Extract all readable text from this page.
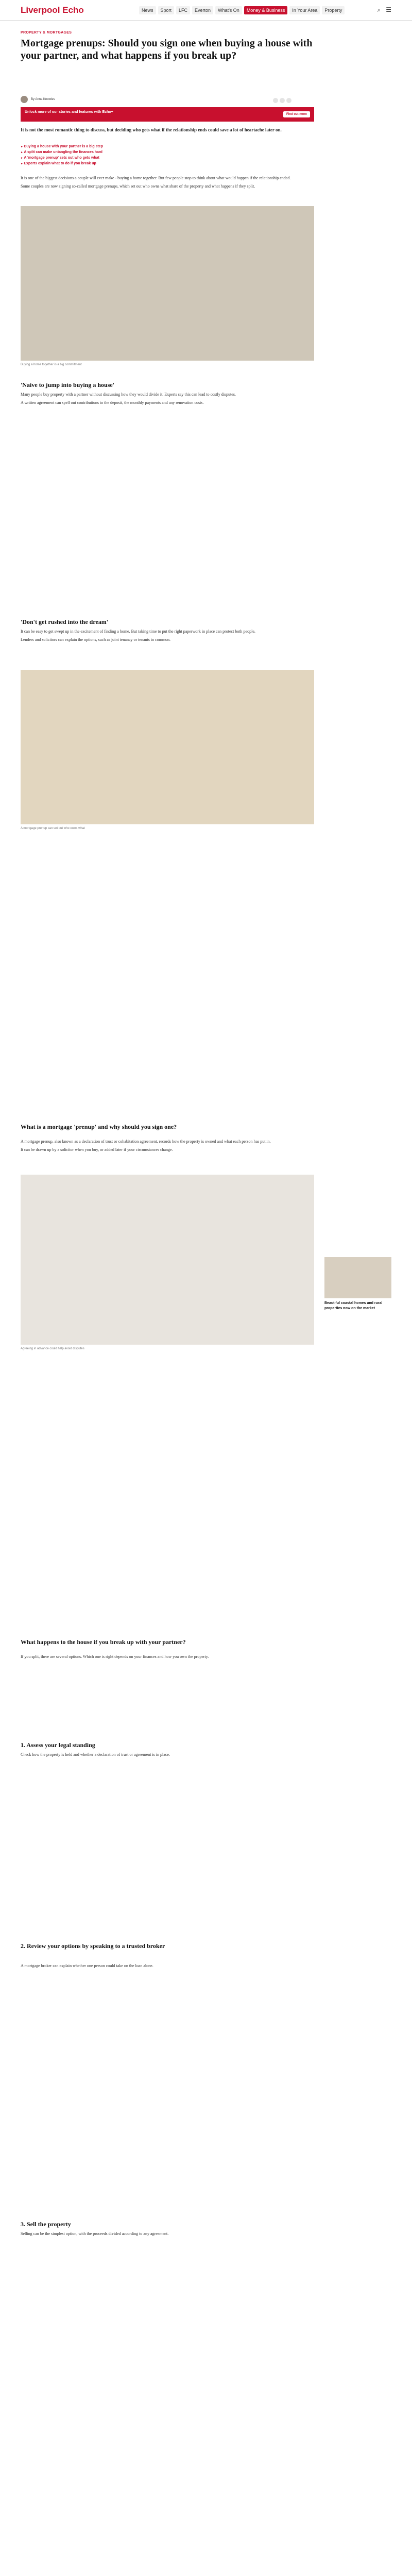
Liverpool Echo	News	Sport	LFC	Everton	What's On	Money & Business	In Your Area	Property	⌕ ☰
PROPERTY & MORTGAGES
Mortgage prenups: Should you sign one when buying a house with your partner, and what happens if you break up?
By Anna Knowles
Unlock more of our stories and features with Echo+
Find out more
It is not the most romantic thing to discuss, but deciding who gets what if the relationship ends could save a lot of heartache later on.
► Buying a house with your partner is a big step
► A split can make untangling the finances hard
► A 'mortgage prenup' sets out who gets what
► Experts explain what to do if you break up

It is one of the biggest decisions a couple will ever make - buying a home together. But few people stop to think about what would happen if the relationship ended.

Some couples are now signing so-called mortgage prenups, which set out who owns what share of the property and what happens if they split.

Buying a home together is a big commitment
'Naive to jump into buying a house'

Many people buy property with a partner without discussing how they would divide it. Experts say this can lead to costly disputes.

A written agreement can spell out contributions to the deposit, the monthly payments and any renovation costs.

'Don't get rushed into the dream'

It can be easy to get swept up in the excitement of finding a home. But taking time to put the right paperwork in place can protect both people.

Lenders and solicitors can explain the options, such as joint tenancy or tenants in common.

A mortgage prenup can set out who owns what
What is a mortgage 'prenup' and why should you sign one?

A mortgage prenup, also known as a declaration of trust or cohabitation agreement, records how the property is owned and what each person has put in.

It can be drawn up by a solicitor when you buy, or added later if your circumstances change.

Agreeing in advance could help avoid disputes
Beautiful coastal homes and rural properties now on the market
What happens to the house if you break up with your partner?

If you split, there are several options. Which one is right depends on your finances and how you own the property.

1. Assess your legal standing

Check how the property is held and whether a declaration of trust or agreement is in place.

2. Review your options by speaking to a trusted broker

A mortgage broker can explain whether one person could take on the loan alone.

3. Sell the property

Selling can be the simplest option, with the proceeds divided according to any agreement.
